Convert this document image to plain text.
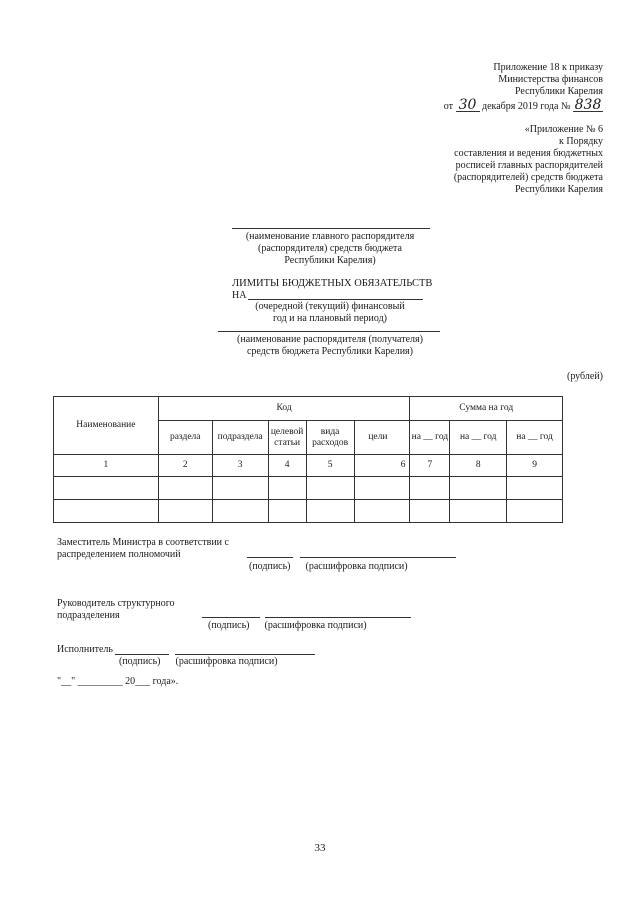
Приложение 18 к приказу
Министерства финансов
Республики Карелия
от 30 декабря 2019 года № 838
«Приложение № 6
к Порядку
составления и ведения бюджетных
росписей главных распорядителей
(распорядителей) средств бюджета
Республики Карелия
(наименование главного распорядителя
(распорядителя) средств бюджета
Республики Карелия)
ЛИМИТЫ БЮДЖЕТНЫХ ОБЯЗАТЕЛЬСТВ
НА
(очередной (текущий) финансовый
год и на плановый период)
(наименование распорядителя (получателя)
средств бюджета Республики Карелия)
(рублей)
Наименование	Код					Сумма на год		
	раздела	подраздела	целевой статьи	вида расходов	цели	на __ год	на __ год	на __ год
1	2	3	4	5	6	7	8	9

Заместитель Министра в соответствии с
распределением полномочий
(подпись)      (расшифровка подписи)
Руководитель структурного
подразделения
(подпись)      (расшифровка подписи)
Исполнитель
(подпись)      (расшифровка подписи)
"__" _________ 20___ года».
33
